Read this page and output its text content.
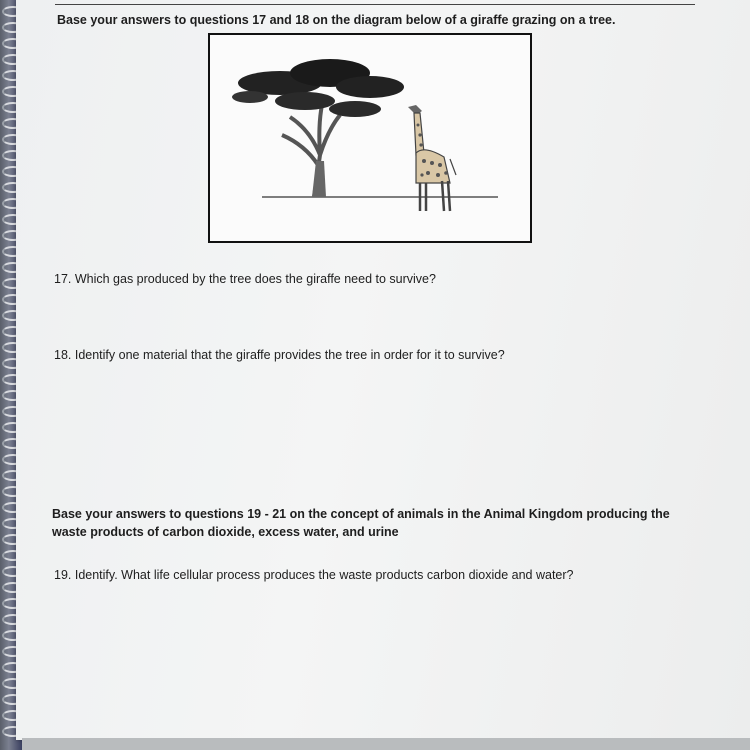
Base your answers to questions 17 and 18 on the diagram below of a giraffe grazing on a tree.
17. Which gas produced by the tree does the giraffe need to survive?
18. Identify one material that the giraffe provides the tree in order for it to survive?
Base your answers to questions 19 - 21 on the concept of animals in the Animal Kingdom producing the waste products of carbon dioxide, excess water, and urine
19. Identify. What life cellular process produces the waste products carbon dioxide and water?
